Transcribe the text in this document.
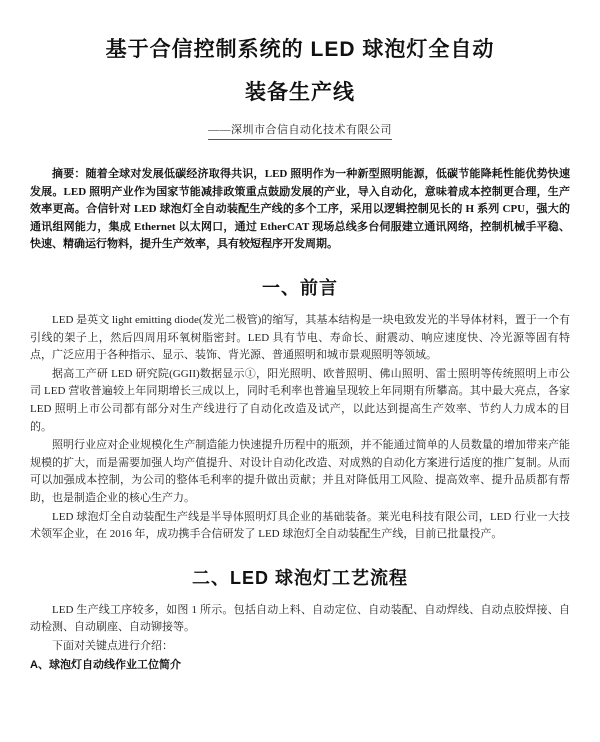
基于合信控制系统的 LED 球泡灯全自动
装备生产线
——深圳市合信自动化技术有限公司

摘要：随着全球对发展低碳经济取得共识，LED 照明作为一种新型照明能源，低碳节能降耗性能优势快速发展。LED 照明产业作为国家节能减排政策重点鼓励发展的产业，导入自动化，意味着成本控制更合理，生产效率更高。合信针对 LED 球泡灯全自动装配生产线的多个工序，采用以逻辑控制见长的 H 系列 CPU，强大的通讯组网能力，集成 Ethernet 以太网口，通过 EtherCAT 现场总线多台伺服建立通讯网络，控制机械手平稳、快速、精确运行物料，提升生产效率，具有较短程序开发周期。

一、前言

LED 是英文 light emitting diode(发光二极管)的缩写，其基本结构是一块电致发光的半导体材料，置于一个有引线的架子上，然后四周用环氧树脂密封。LED 具有节电、寿命长、耐震动、响应速度快、冷光源等固有特点，广泛应用于各种指示、显示、装饰、背光源、普通照明和城市景观照明等领域。

据高工产研 LED 研究院(GGII)数据显示①，阳光照明、欧普照明、佛山照明、雷士照明等传统照明上市公司 LED 营收普遍较上年同期增长三成以上，同时毛利率也普遍呈现较上年同期有所攀高。其中最大亮点，各家 LED 照明上市公司都有部分对生产线进行了自动化改造及试产，以此达到提高生产效率、节约人力成本的目的。

照明行业应对企业规模化生产制造能力快速提升历程中的瓶颈，并不能通过简单的人员数量的增加带来产能规模的扩大，而是需要加强人均产值提升、对设计自动化改造、对成熟的自动化方案进行适度的推广复制。从而可以加强成本控制，为公司的整体毛利率的提升做出贡献；并且对降低用工风险、提高效率、提升品质都有帮助，也是制造企业的核心生产力。

LED 球泡灯全自动装配生产线是半导体照明灯具企业的基础装备。莱光电科技有限公司，LED 行业一大技术领军企业，在 2016 年，成功携手合信研发了 LED 球泡灯全自动装配生产线，目前已批量投产。

二、LED 球泡灯工艺流程

LED 生产线工序较多，如图 1 所示。包括自动上料、自动定位、自动装配、自动焊线、自动点胶焊接、自动检测、自动刷座、自动铆接等。

下面对关键点进行介绍：

A、球泡灯自动线作业工位简介
